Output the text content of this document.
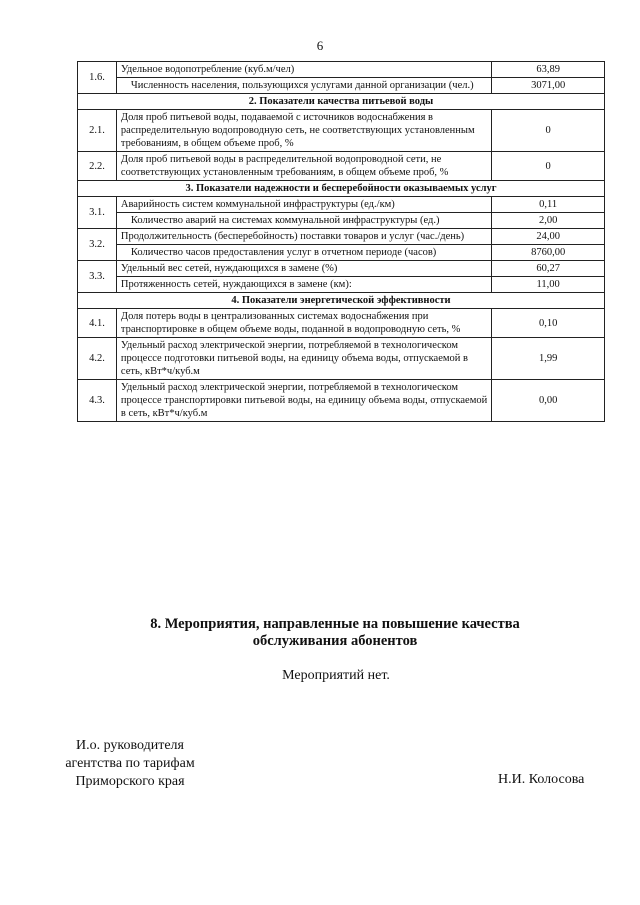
6
1.6.	Удельное водопотребление (куб.м/чел)	63,89
	Численность населения, пользующихся услугами данной организации (чел.)	3071,00
2. Показатели качества питьевой воды		
2.1.	Доля проб питьевой воды, подаваемой с источников водоснабжения в распределительную водопроводную сеть, не соответствующих установленным требованиям, в общем объеме проб, %	0
2.2.	Доля проб питьевой воды в распределительной водопроводной сети, не соответствующих установленным требованиям, в общем объеме проб, %	0
3. Показатели надежности и бесперебойности оказываемых услуг		
3.1.	Аварийность систем коммунальной инфраструктуры (ед./км)	0,11
	Количество аварий на системах коммунальной инфраструктуры (ед.)	2,00
3.2.	Продолжительность (бесперебойность) поставки товаров и услуг (час./день)	24,00
	Количество часов предоставления услуг в отчетном периоде (часов)	8760,00
3.3.	Удельный вес сетей, нуждающихся в замене (%)	60,27
	Протяженность сетей, нуждающихся в замене (км):	11,00
4. Показатели энергетической эффективности		
4.1.	Доля потерь воды в централизованных системах водоснабжения при транспортировке в общем объеме воды, поданной в водопроводную сеть, %	0,10
4.2.	Удельный расход электрической энергии, потребляемой в технологическом процессе подготовки питьевой воды, на единицу объема воды, отпускаемой в сеть, кВт*ч/куб.м	1,99
4.3.	Удельный расход электрической энергии, потребляемой в технологическом процессе транспортировки питьевой воды, на единицу объема воды, отпускаемой в сеть, кВт*ч/куб.м	0,00
8. Мероприятия, направленные на повышение качества
обслуживания абонентов
Мероприятий нет.
И.о. руководителя
агентства по тарифам
Приморского края	Н.И. Колосова
